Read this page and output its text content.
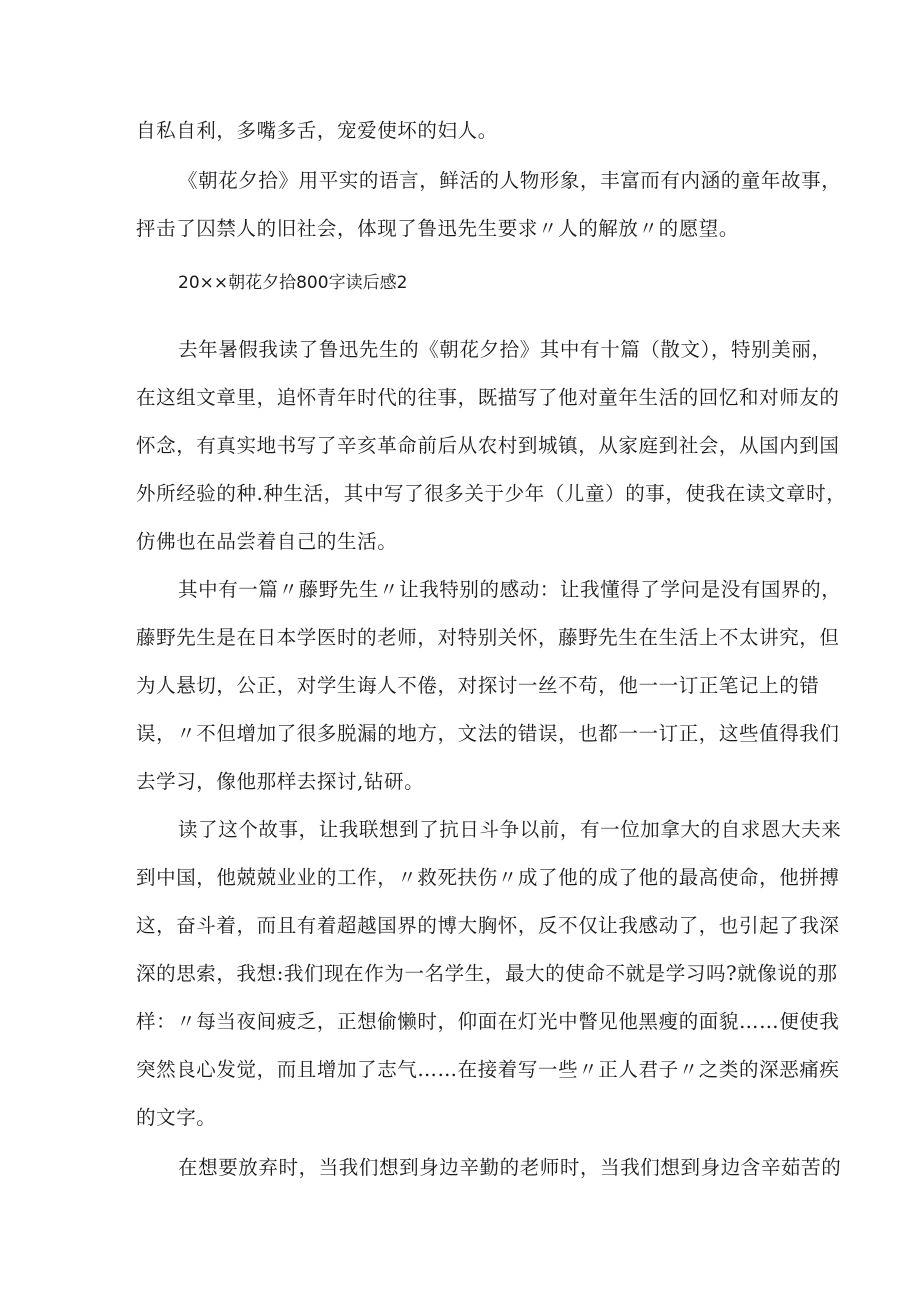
自私自利，多嘴多舌，宠爱使坏的妇人。
《朝花夕拾》用平实的语言，鲜活的人物形象，丰富而有内涵的童年故事，
抨击了囚禁人的旧社会，体现了鲁迅先生要求〃人的解放〃的愿望。
20××朝花夕拾800字读后感2
去年暑假我读了鲁迅先生的《朝花夕拾》其中有十篇（散文），特别美丽，
在这组文章里，追怀青年时代的往事，既描写了他对童年生活的回忆和对师友的
怀念，有真实地书写了辛亥革命前后从农村到城镇，从家庭到社会，从国内到国
外所经验的种.种生活，其中写了很多关于少年（儿童）的事，使我在读文章时，
仿佛也在品尝着自己的生活。
其中有一篇〃藤野先生〃让我特别的感动：让我懂得了学问是没有国界的，
藤野先生是在日本学医时的老师，对特别关怀，藤野先生在生活上不太讲究，但
为人悬切，公正，对学生诲人不倦，对探讨一丝不苟，他一一订正笔记上的错
误，〃不但增加了很多脱漏的地方，文法的错误，也都一一订正，这些值得我们
去学习，像他那样去探讨,钻研。
读了这个故事，让我联想到了抗日斗争以前，有一位加拿大的自求恩大夫来
到中国，他兢兢业业的工作，〃救死扶伤〃成了他的成了他的最高使命，他拼搏
这，奋斗着，而且有着超越国界的博大胸怀，反不仅让我感动了，也引起了我深
深的思索，我想:我们现在作为一名学生，最大的使命不就是学习吗?就像说的那
样：〃每当夜间疲乏，正想偷懒时，仰面在灯光中瞥见他黑瘦的面貌……便使我
突然良心发觉，而且增加了志气……在接着写一些〃正人君子〃之类的深恶痛疾
的文字。
在想要放弃时，当我们想到身边辛勤的老师时，当我们想到身边含辛茹苦的
